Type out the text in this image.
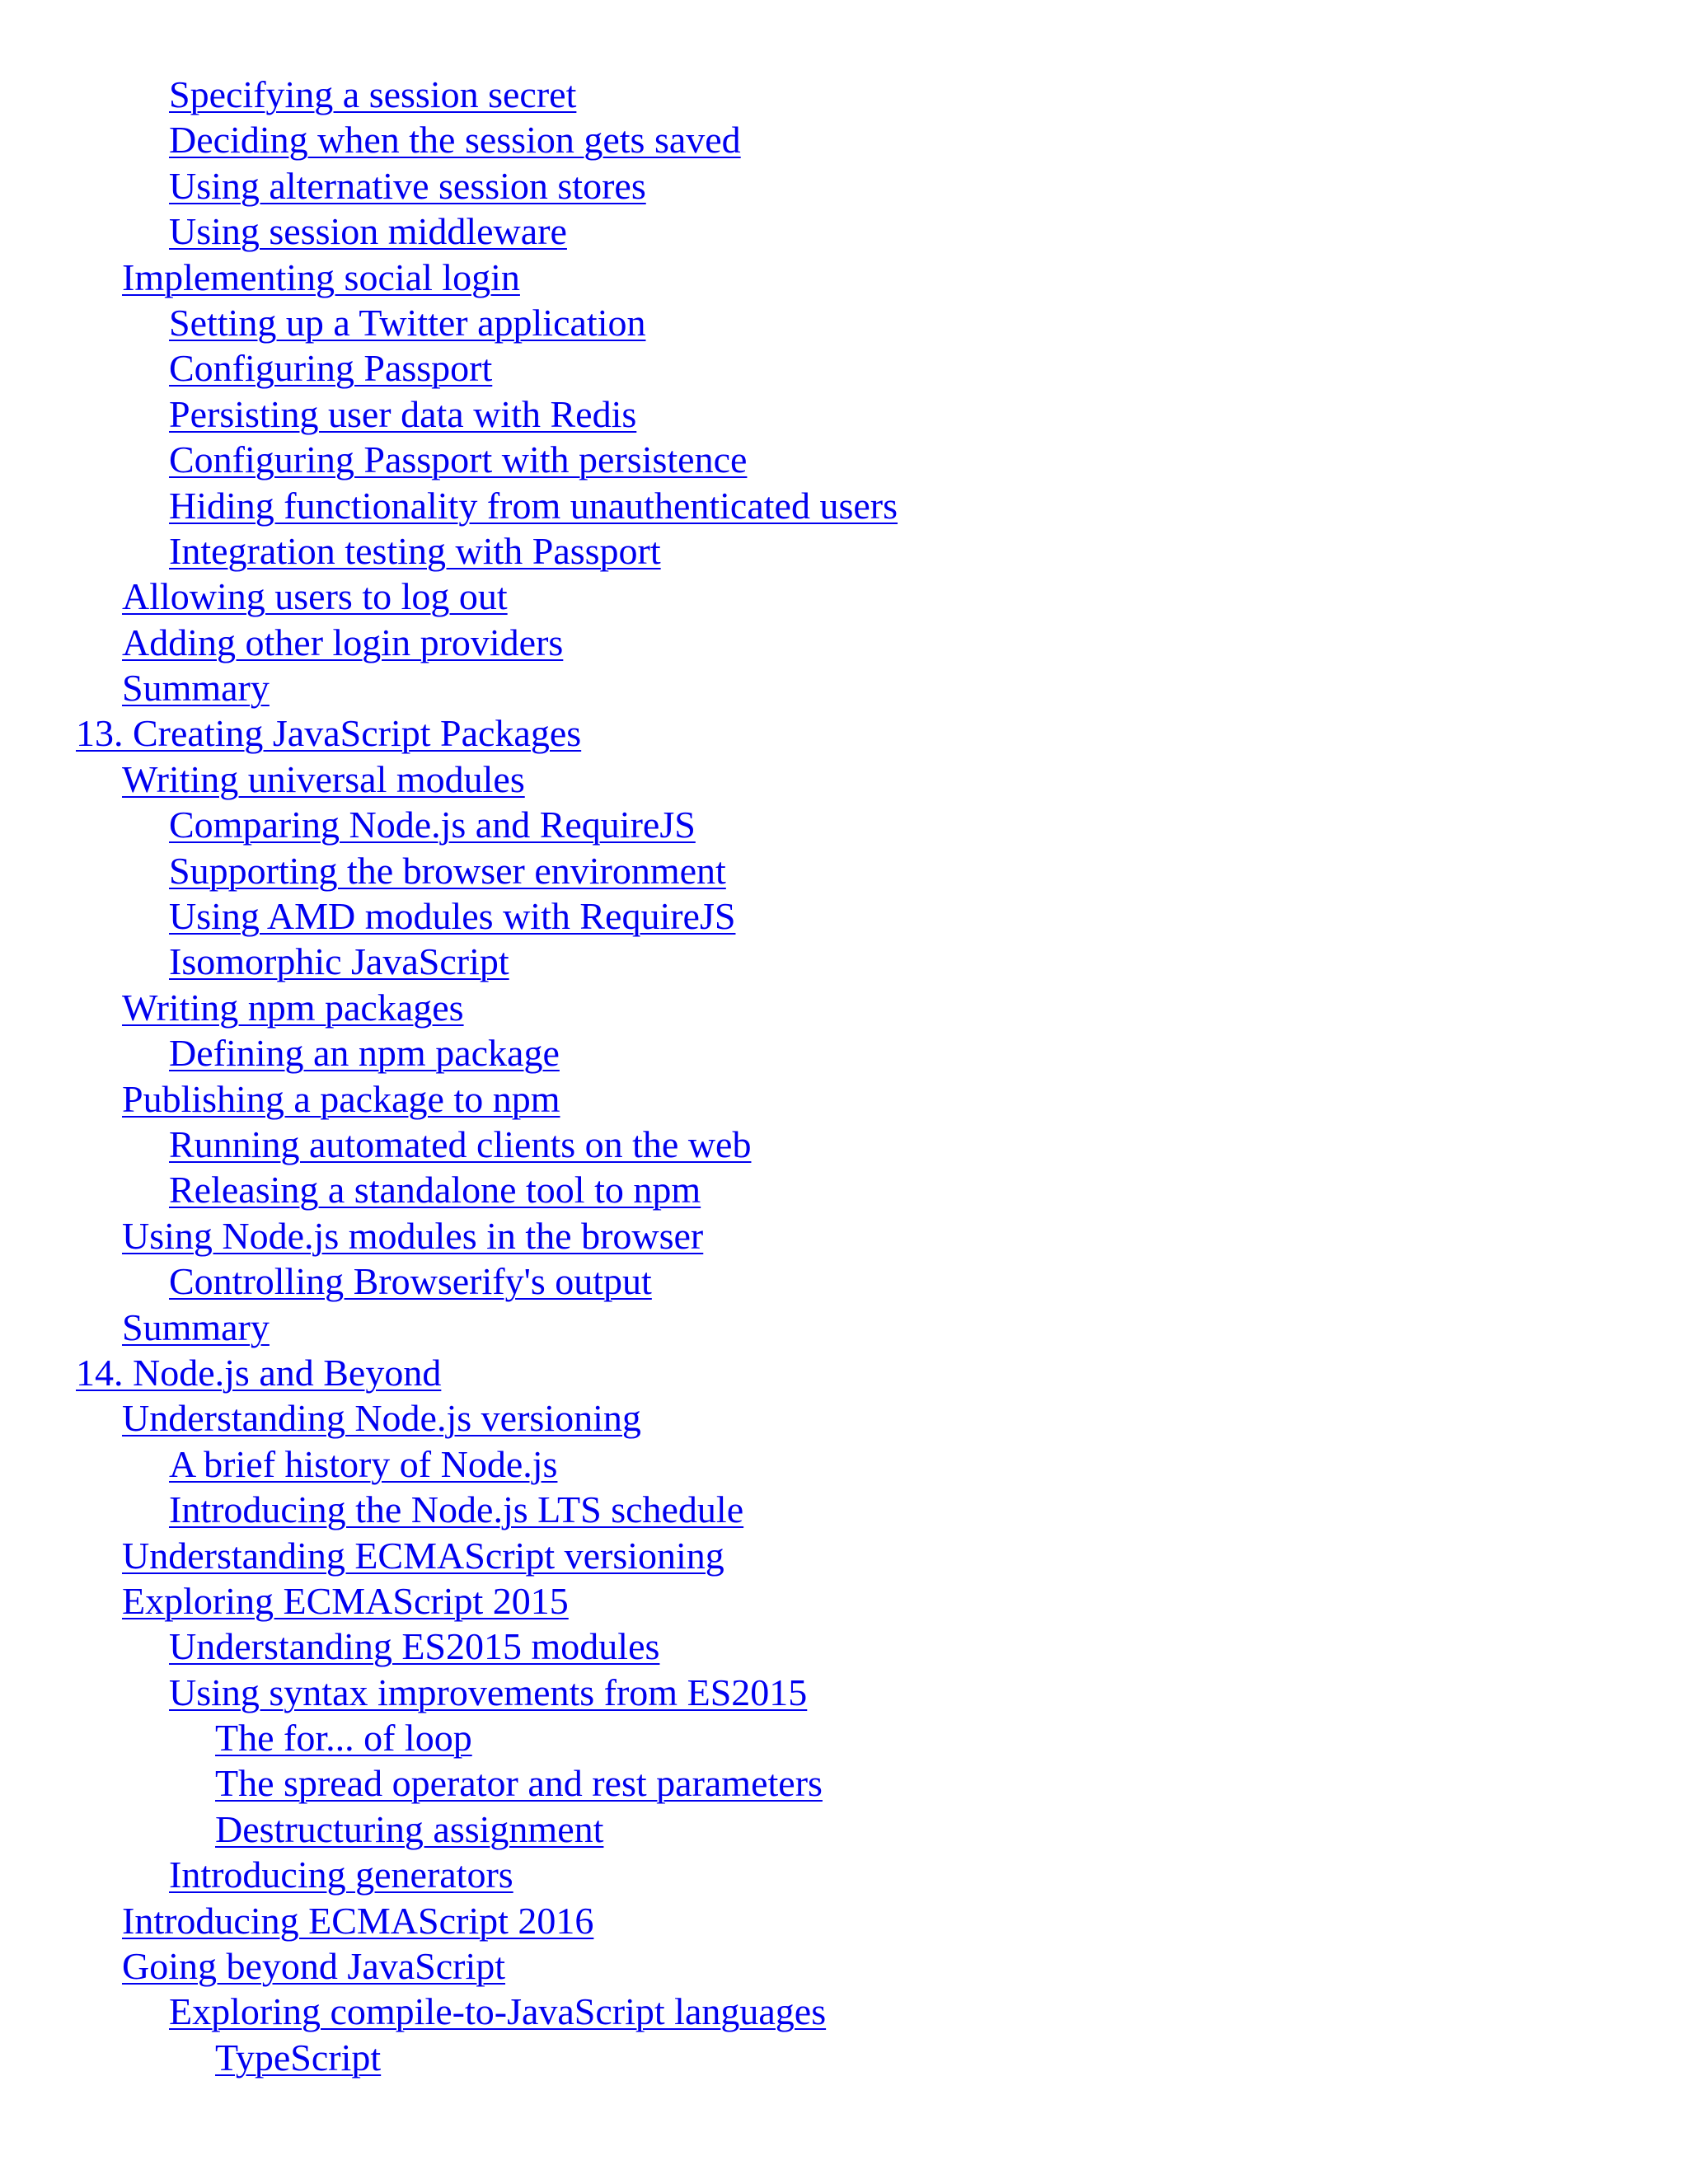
Specifying a session secret
Deciding when the session gets saved
Using alternative session stores
Using session middleware
Implementing social login
Setting up a Twitter application
Configuring Passport
Persisting user data with Redis
Configuring Passport with persistence
Hiding functionality from unauthenticated users
Integration testing with Passport
Allowing users to log out
Adding other login providers
Summary
13. Creating JavaScript Packages
Writing universal modules
Comparing Node.js and RequireJS
Supporting the browser environment
Using AMD modules with RequireJS
Isomorphic JavaScript
Writing npm packages
Defining an npm package
Publishing a package to npm
Running automated clients on the web
Releasing a standalone tool to npm
Using Node.js modules in the browser
Controlling Browserify's output
Summary
14. Node.js and Beyond
Understanding Node.js versioning
A brief history of Node.js
Introducing the Node.js LTS schedule
Understanding ECMAScript versioning
Exploring ECMAScript 2015
Understanding ES2015 modules
Using syntax improvements from ES2015
The for... of loop
The spread operator and rest parameters
Destructuring assignment
Introducing generators
Introducing ECMAScript 2016
Going beyond JavaScript
Exploring compile-to-JavaScript languages
TypeScript
